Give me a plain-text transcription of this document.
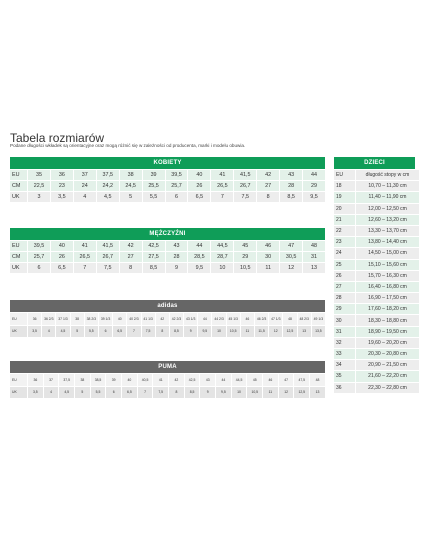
Tabela rozmiarów
Podane długości wkładek są orientacyjne oraz mogą różnić się w zależności od producenta, marki i modelu obuwia.
KOBIETY
EU	35	36	37	37,5	38	39	39,5	40	41	41,5	42	43	44
CM	22,5	23	24	24,2	24,5	25,5	25,7	26	26,5	26,7	27	28	29
UK	3	3,5	4	4,5	5	5,5	6	6,5	7	7,5	8	8,5	9,5
MĘŻCZYŹNI
EU	39,5	40	41	41,5	42	42,5	43	44	44,5	45	46	47	48
CM	25,7	26	26,5	26,7	27	27,5	28	28,5	28,7	29	30	30,5	31
UK	6	6,5	7	7,5	8	8,5	9	9,5	10	10,5	11	12	13
adidas
EU	36	36 2/3	37 1/3	38	38 2/3	39 1/3	40	40 2/3	41 1/3	42	42 2/3	43 1/3	44	44 2/3	45 1/3	46	46 2/3	47 1/3	48	48 2/3	49 1/3
UK	3,5	4	4,5	5	5,5	6	6,5	7	7,5	8	8,5	9	9,5	10	10,5	11	11,5	12	12,5	13	13,5
PUMA
EU	36	37	37,5	38	38,5	39	40	40,5	41	42	42,5	43	44	44,5	45	46	47	47,5	48
UK	3,5	4	4,5	5	5,5	6	6,5	7	7,5	8	8,5	9	9,5	10	10,5	11	12	12,5	13
DZIECI
EU	długość stopy w cm
18	10,70 – 11,30 cm
19	11,40 – 11,90 cm
20	12,00 – 12,50 cm
21	12,60 – 13,20 cm
22	13,30 – 13,70 cm
23	13,80 – 14,40 cm
24	14,50 – 15,00 cm
25	15,10 – 15,60 cm
26	15,70 – 16,30 cm
27	16,40 – 16,80 cm
28	16,90 – 17,50 cm
29	17,60 – 18,20 cm
30	18,30 – 18,80 cm
31	18,90 – 19,50 cm
32	19,60 – 20,20 cm
33	20,30 – 20,80 cm
34	20,90 – 21,50 cm
35	21,60 – 22,20 cm
36	22,30 – 22,80 cm
